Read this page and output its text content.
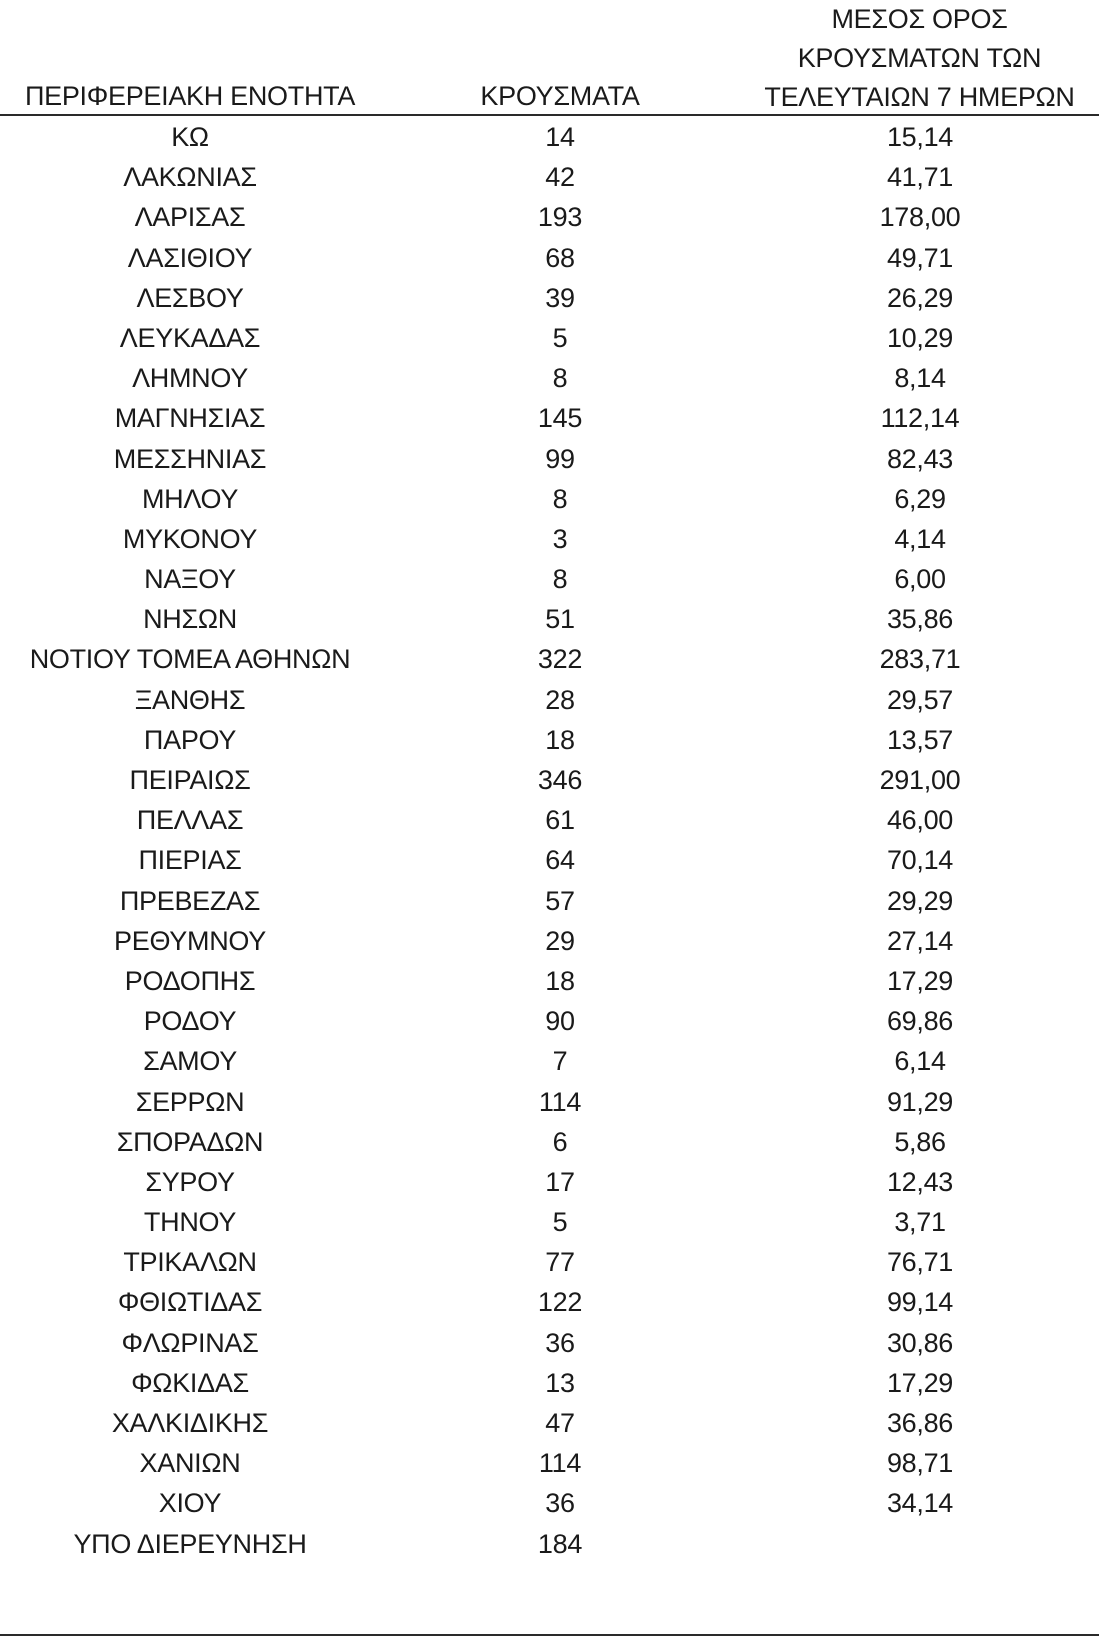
ΠΕΡΙΦΕΡΕΙΑΚΗ ΕΝΟΤΗΤΑ	ΚΡΟΥΣΜΑΤΑ
ΜΕΣΟΣ ΟΡΟΣ
ΚΡΟΥΣΜΑΤΩΝ ΤΩΝ
ΤΕΛΕΥΤΑΙΩΝ 7 ΗΜΕΡΩΝ
ΚΩ	14	15,14
ΛΑΚΩΝΙΑΣ	42	41,71
ΛΑΡΙΣΑΣ	193	178,00
ΛΑΣΙΘΙΟΥ	68	49,71
ΛΕΣΒΟΥ	39	26,29
ΛΕΥΚΑΔΑΣ	5	10,29
ΛΗΜΝΟΥ	8	8,14
ΜΑΓΝΗΣΙΑΣ	145	112,14
ΜΕΣΣΗΝΙΑΣ	99	82,43
ΜΗΛΟΥ	8	6,29
ΜΥΚΟΝΟΥ	3	4,14
ΝΑΞΟΥ	8	6,00
ΝΗΣΩΝ	51	35,86
ΝΟΤΙΟΥ ΤΟΜΕΑ ΑΘΗΝΩΝ	322	283,71
ΞΑΝΘΗΣ	28	29,57
ΠΑΡΟΥ	18	13,57
ΠΕΙΡΑΙΩΣ	346	291,00
ΠΕΛΛΑΣ	61	46,00
ΠΙΕΡΙΑΣ	64	70,14
ΠΡΕΒΕΖΑΣ	57	29,29
ΡΕΘΥΜΝΟΥ	29	27,14
ΡΟΔΟΠΗΣ	18	17,29
ΡΟΔΟΥ	90	69,86
ΣΑΜΟΥ	7	6,14
ΣΕΡΡΩΝ	114	91,29
ΣΠΟΡΑΔΩΝ	6	5,86
ΣΥΡΟΥ	17	12,43
ΤΗΝΟΥ	5	3,71
ΤΡΙΚΑΛΩΝ	77	76,71
ΦΘΙΩΤΙΔΑΣ	122	99,14
ΦΛΩΡΙΝΑΣ	36	30,86
ΦΩΚΙΔΑΣ	13	17,29
ΧΑΛΚΙΔΙΚΗΣ	47	36,86
ΧΑΝΙΩΝ	114	98,71
ΧΙΟΥ	36	34,14
ΥΠΟ ΔΙΕΡΕΥΝΗΣΗ	184
